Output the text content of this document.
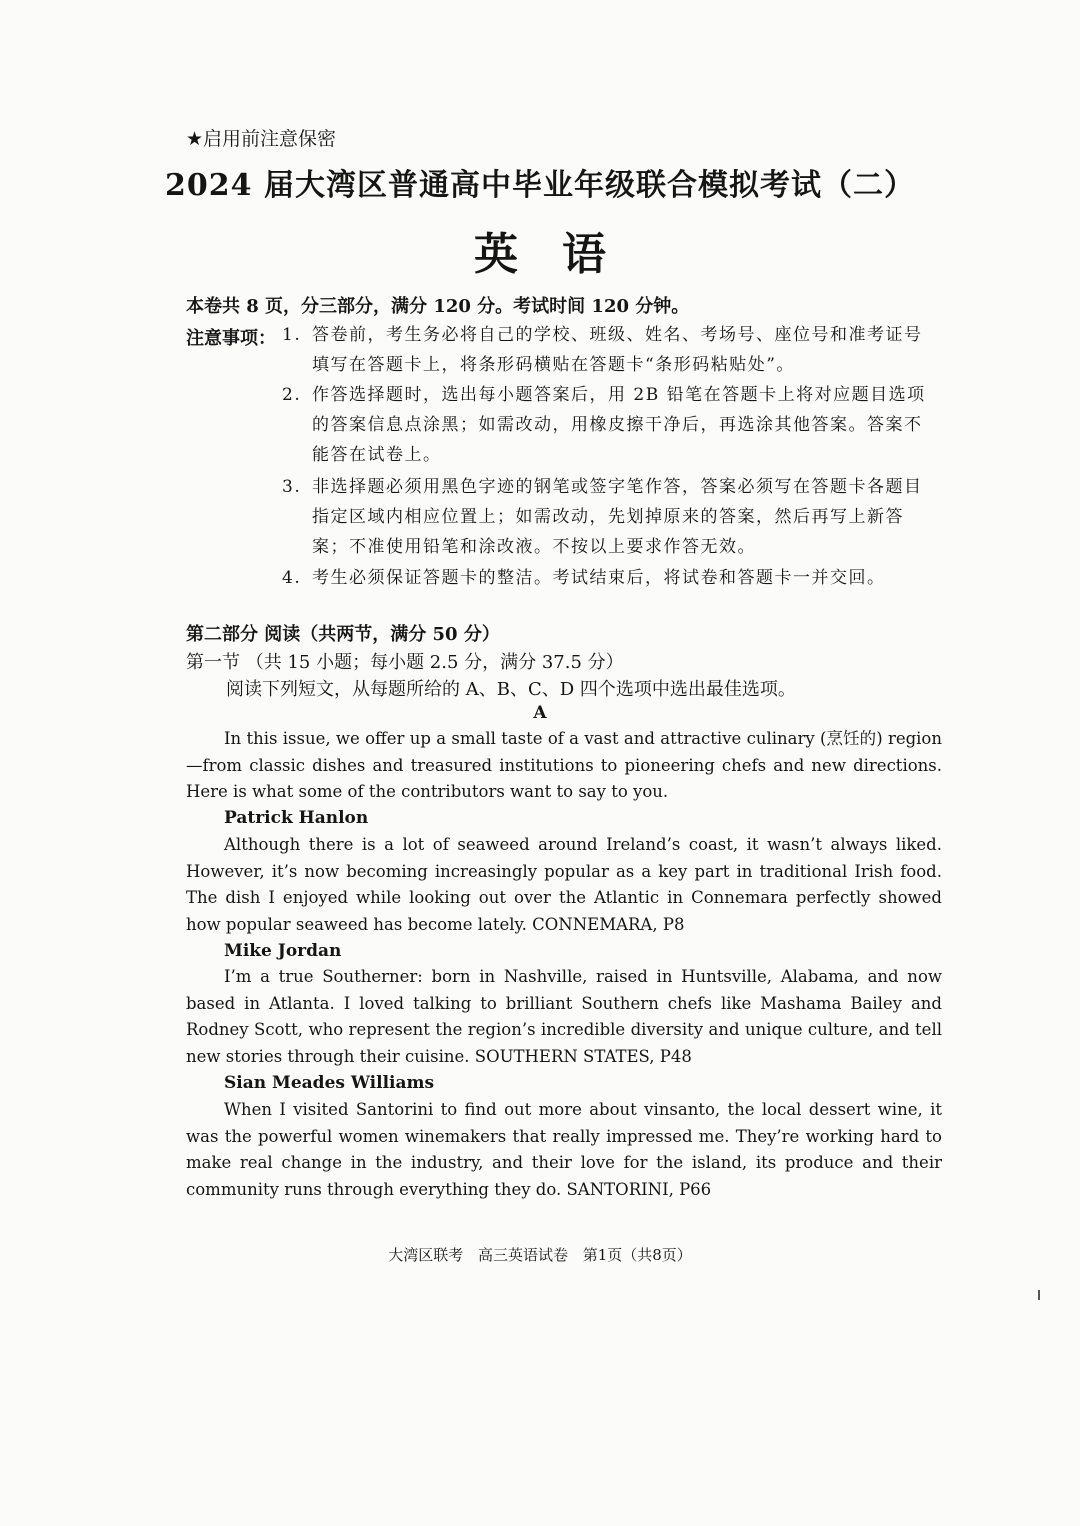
★启用前注意保密
2024 届大湾区普通高中毕业年级联合模拟考试（二）
英语
本卷共 8 页，分三部分，满分 120 分。考试时间 120 分钟。
注意事项： 1. 答卷前，考生务必将自己的学校、班级、姓名、考场号、座位号和准考证号填写在答题卡上，将条形码横贴在答题卡“条形码粘贴处”。
2. 作答选择题时，选出每小题答案后，用 2B 铅笔在答题卡上将对应题目选项的答案信息点涂黑；如需改动，用橡皮擦干净后，再选涂其他答案。答案不能答在试卷上。
3. 非选择题必须用黑色字迹的钢笔或签字笔作答，答案必须写在答题卡各题目指定区域内相应位置上；如需改动，先划掉原来的答案，然后再写上新答案；不准使用铅笔和涂改液。不按以上要求作答无效。
4. 考生必须保证答题卡的整洁。考试结束后，将试卷和答题卡一并交回。
第二部分 阅读（共两节，满分 50 分）
第一节 （共 15 小题；每小题 2.5 分，满分 37.5 分）
阅读下列短文，从每题所给的 A、B、C、D 四个选项中选出最佳选项。
A

In this issue, we offer up a small taste of a vast and attractive culinary (烹饪的) region—from classic dishes and treasured institutions to pioneering chefs and new directions. Here is what some of the contributors want to say to you.

Patrick Hanlon

Although there is a lot of seaweed around Ireland’s coast, it wasn’t always liked. However, it’s now becoming increasingly popular as a key part in traditional Irish food. The dish I enjoyed while looking out over the Atlantic in Connemara perfectly showed how popular seaweed has become lately. CONNEMARA, P8

Mike Jordan

I’m a true Southerner: born in Nashville, raised in Huntsville, Alabama, and now based in Atlanta. I loved talking to brilliant Southern chefs like Mashama Bailey and Rodney Scott, who represent the region’s incredible diversity and unique culture, and tell new stories through their cuisine. SOUTHERN STATES, P48

Sian Meades Williams

When I visited Santorini to find out more about vinsanto, the local dessert wine, it was the powerful women winemakers that really impressed me. They’re working hard to make real change in the industry, and their love for the island, its produce and their community runs through everything they do. SANTORINI, P66

大湾区联考 高三英语试卷 第1页（共8页）
